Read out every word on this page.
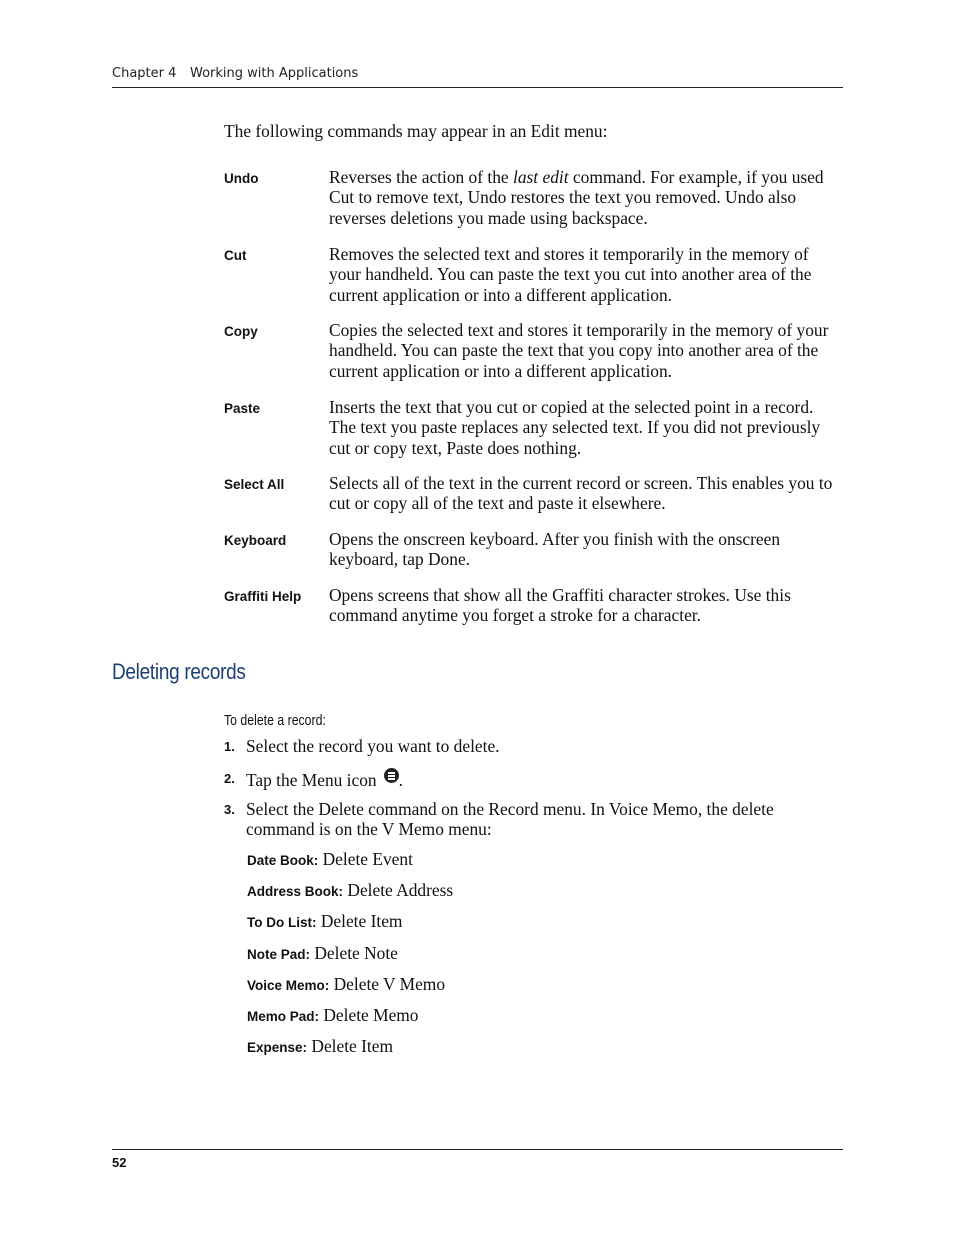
Chapter 4 Working with Applications
The following commands may appear in an Edit menu:
Undo	Reverses the action of the last edit command. For example, if you used Cut to remove text, Undo restores the text you removed. Undo also reverses deletions you made using backspace.
Cut	Removes the selected text and stores it temporarily in the memory of your handheld. You can paste the text you cut into another area of the current application or into a different application.
Copy	Copies the selected text and stores it temporarily in the memory of your handheld. You can paste the text that you copy into another area of the current application or into a different application.
Paste	Inserts the text that you cut or copied at the selected point in a record. The text you paste replaces any selected text. If you did not previously cut or copy text, Paste does nothing.
Select All	Selects all of the text in the current record or screen. This enables you to cut or copy all of the text and paste it elsewhere.
Keyboard Opens the onscreen keyboard. After you finish with the onscreen keyboard, tap Done.
Graffiti Help Opens screens that show all the Graffiti character strokes. Use this command anytime you forget a stroke for a character.
Deleting records
To delete a record:
1. Select the record you want to delete.
2. Tap the Menu icon .
3. Select the Delete command on the Record menu. In Voice Memo, the delete command is on the V Memo menu:
Date Book: Delete Event
Address Book: Delete Address
To Do List: Delete Item
Note Pad: Delete Note
Voice Memo: Delete V Memo
Memo Pad: Delete Memo
Expense: Delete Item
52
